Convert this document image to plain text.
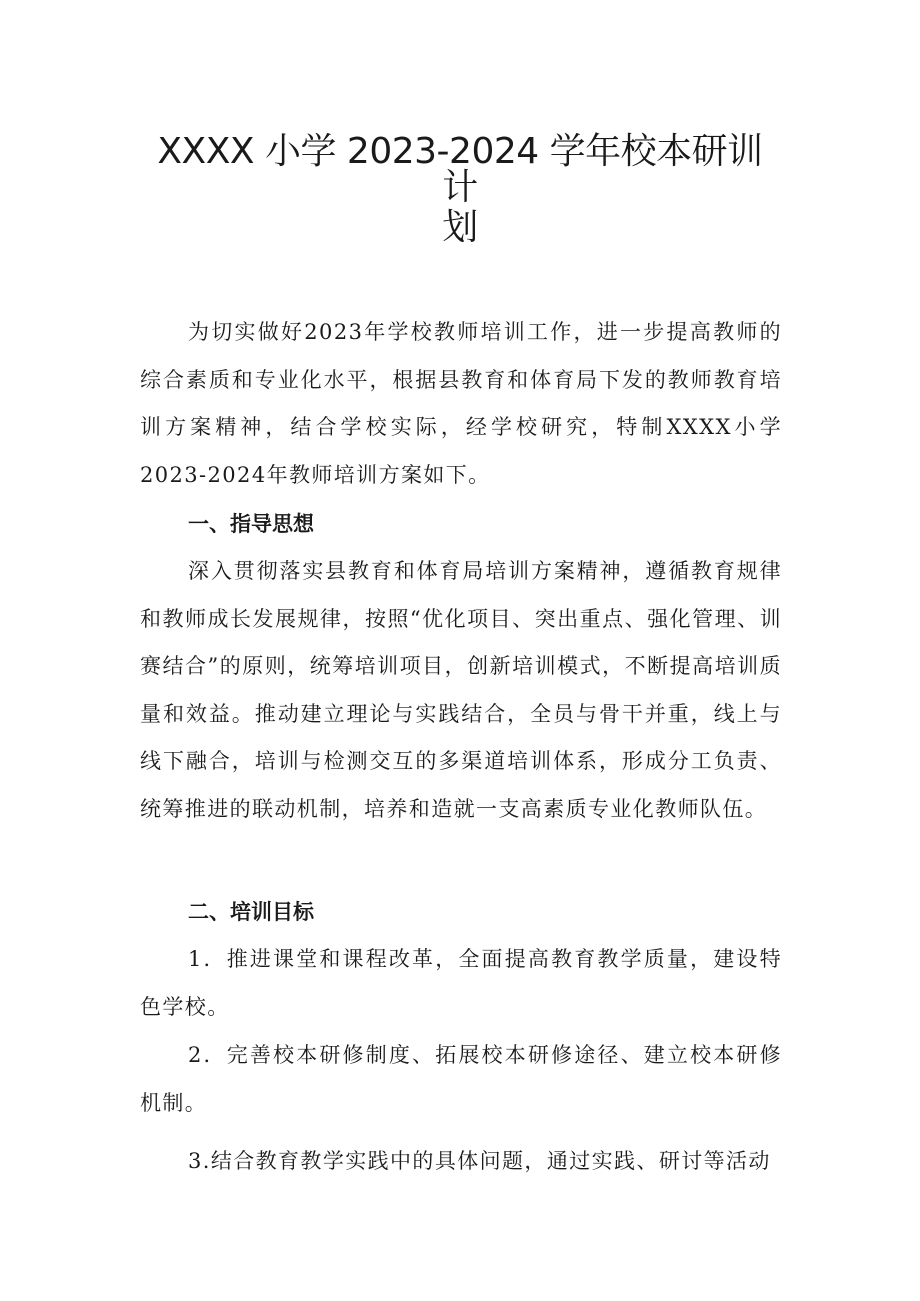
XXXX 小学 2023-2024 学年校本研训计
划

为切实做好2023年学校教师培训工作，进一步提高教师的综合素质和专业化水平，根据县教育和体育局下发的教师教育培训方案精神，结合学校实际，经学校研究，特制XXXX小学2023-2024年教师培训方案如下。

一、指导思想

深入贯彻落实县教育和体育局培训方案精神，遵循教育规律和教师成长发展规律，按照“优化项目、突出重点、强化管理、训赛结合”的原则，统筹培训项目，创新培训模式，不断提高培训质量和效益。推动建立理论与实践结合，全员与骨干并重，线上与线下融合，培训与检测交互的多渠道培训体系，形成分工负责、统筹推进的联动机制，培养和造就一支高素质专业化教师队伍。

二、培训目标

1．推进课堂和课程改革，全面提高教育教学质量，建设特色学校。

2．完善校本研修制度、拓展校本研修途径、建立校本研修机制。

3.结合教育教学实践中的具体问题，通过实践、研讨等活动
